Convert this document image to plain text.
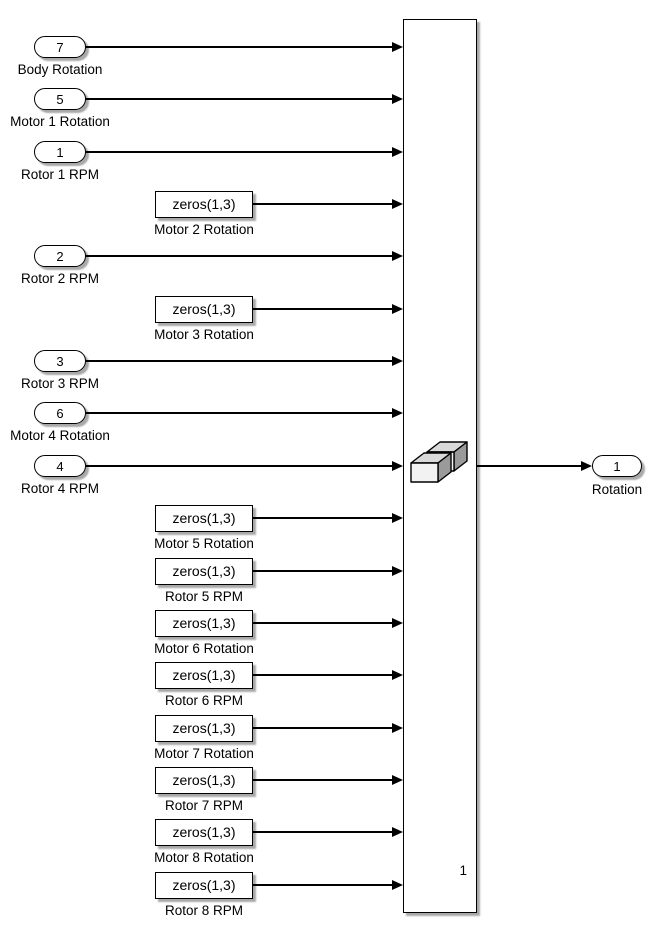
1
1
Rotation
7
Body Rotation
5
Motor 1 Rotation
1
Rotor 1 RPM
zeros(1,3)
Motor 2 Rotation
2
Rotor 2 RPM
zeros(1,3)
Motor 3 Rotation
3
Rotor 3 RPM
6
Motor 4 Rotation
4
Rotor 4 RPM
zeros(1,3)
Motor 5 Rotation
zeros(1,3)
Rotor 5 RPM
zeros(1,3)
Motor 6 Rotation
zeros(1,3)
Rotor 6 RPM
zeros(1,3)
Motor 7 Rotation
zeros(1,3)
Rotor 7 RPM
zeros(1,3)
Motor 8 Rotation
zeros(1,3)
Rotor 8 RPM
